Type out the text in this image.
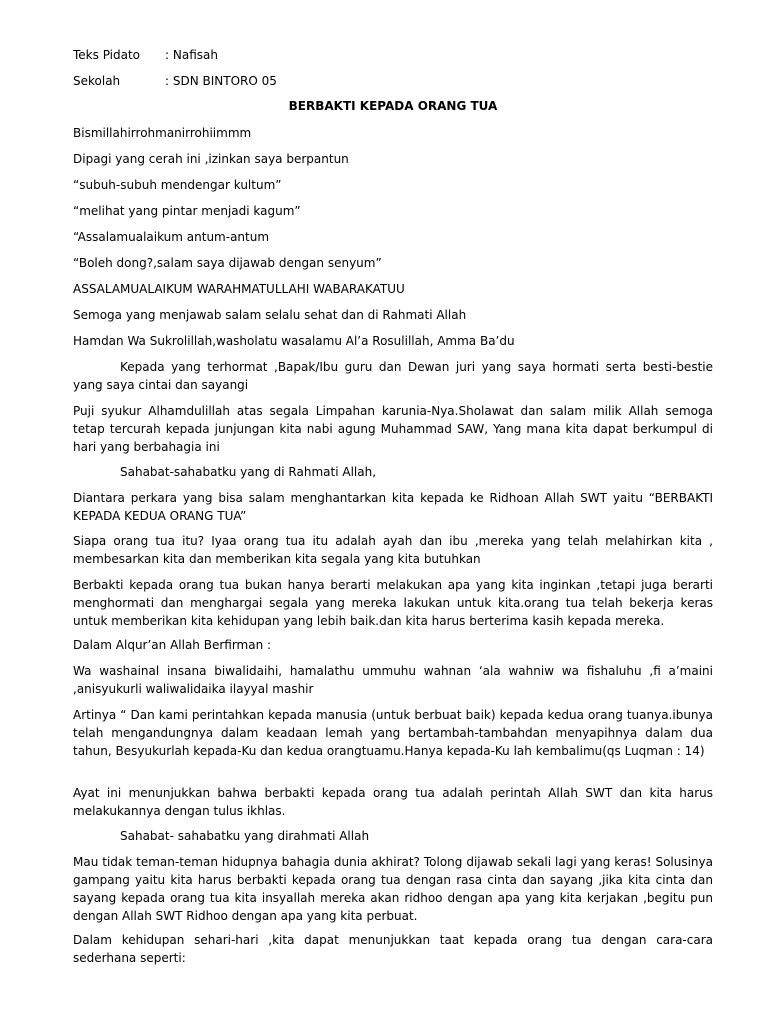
Teks Pidato : Nafisah
Sekolah	: SDN BINTORO 05
BERBAKTI KEPADA ORANG TUA

Bismillahirrohmanirrohiimmm

Dipagi yang cerah ini ,izinkan saya berpantun

“subuh-subuh mendengar kultum”

“melihat yang pintar menjadi kagum”

“Assalamualaikum antum-antum

“Boleh dong?,salam saya dijawab dengan senyum”

ASSALAMUALAIKUM WARAHMATULLAHI WABARAKATUU

Semoga yang menjawab salam selalu sehat dan di Rahmati Allah

Hamdan Wa Sukrolillah,washolatu wasalamu Al’a Rosulillah, Amma Ba’du

Kepada yang terhormat ,Bapak/Ibu guru dan Dewan juri yang saya hormati serta besti-bestie yang saya cintai dan sayangi

Puji syukur Alhamdulillah atas segala Limpahan karunia-Nya.Sholawat dan salam milik Allah semoga tetap tercurah kepada junjungan kita nabi agung Muhammad SAW, Yang mana kita dapat berkumpul di hari yang berbahagia ini

Sahabat-sahabatku yang di Rahmati Allah,

Diantara perkara yang bisa salam menghantarkan kita kepada ke Ridhoan Allah SWT yaitu “BERBAKTI KEPADA KEDUA ORANG TUA”

Siapa orang tua itu? Iyaa orang tua itu adalah ayah dan ibu ,mereka yang telah melahirkan kita , membesarkan kita dan memberikan kita segala yang kita butuhkan

Berbakti kepada orang tua bukan hanya berarti melakukan apa yang kita inginkan ,tetapi juga berarti menghormati dan menghargai segala yang mereka lakukan untuk kita.orang tua telah bekerja keras untuk memberikan kita kehidupan yang lebih baik.dan kita harus berterima kasih kepada mereka.

Dalam Alqur’an Allah Berfirman :

Wa washainal insana biwalidaihi, hamalathu ummuhu wahnan ‘ala wahniw wa fishaluhu ,fi a’maini ,anisyukurli waliwalidaika ilayyal mashir

Artinya “ Dan kami perintahkan kepada manusia (untuk berbuat baik) kepada kedua orang tuanya.ibunya telah mengandungnya dalam keadaan lemah yang bertambah-tambahdan menyapihnya dalam dua tahun, Besyukurlah kepada-Ku dan kedua orangtuamu.Hanya kepada-Ku lah kembalimu(qs Luqman : 14)

Ayat ini menunjukkan bahwa berbakti kepada orang tua adalah perintah Allah SWT dan kita harus melakukannya dengan tulus ikhlas.

Sahabat- sahabatku yang dirahmati Allah

Mau tidak teman-teman hidupnya bahagia dunia akhirat? Tolong dijawab sekali lagi yang keras! Solusinya gampang yaitu kita harus berbakti kepada orang tua dengan rasa cinta dan sayang ,jika kita cinta dan sayang kepada orang tua kita insyallah mereka akan ridhoo dengan apa yang kita kerjakan ,begitu pun dengan Allah SWT Ridhoo dengan apa yang kita perbuat.

Dalam kehidupan sehari-hari ,kita dapat menunjukkan taat kepada orang tua dengan cara-cara sederhana seperti:
